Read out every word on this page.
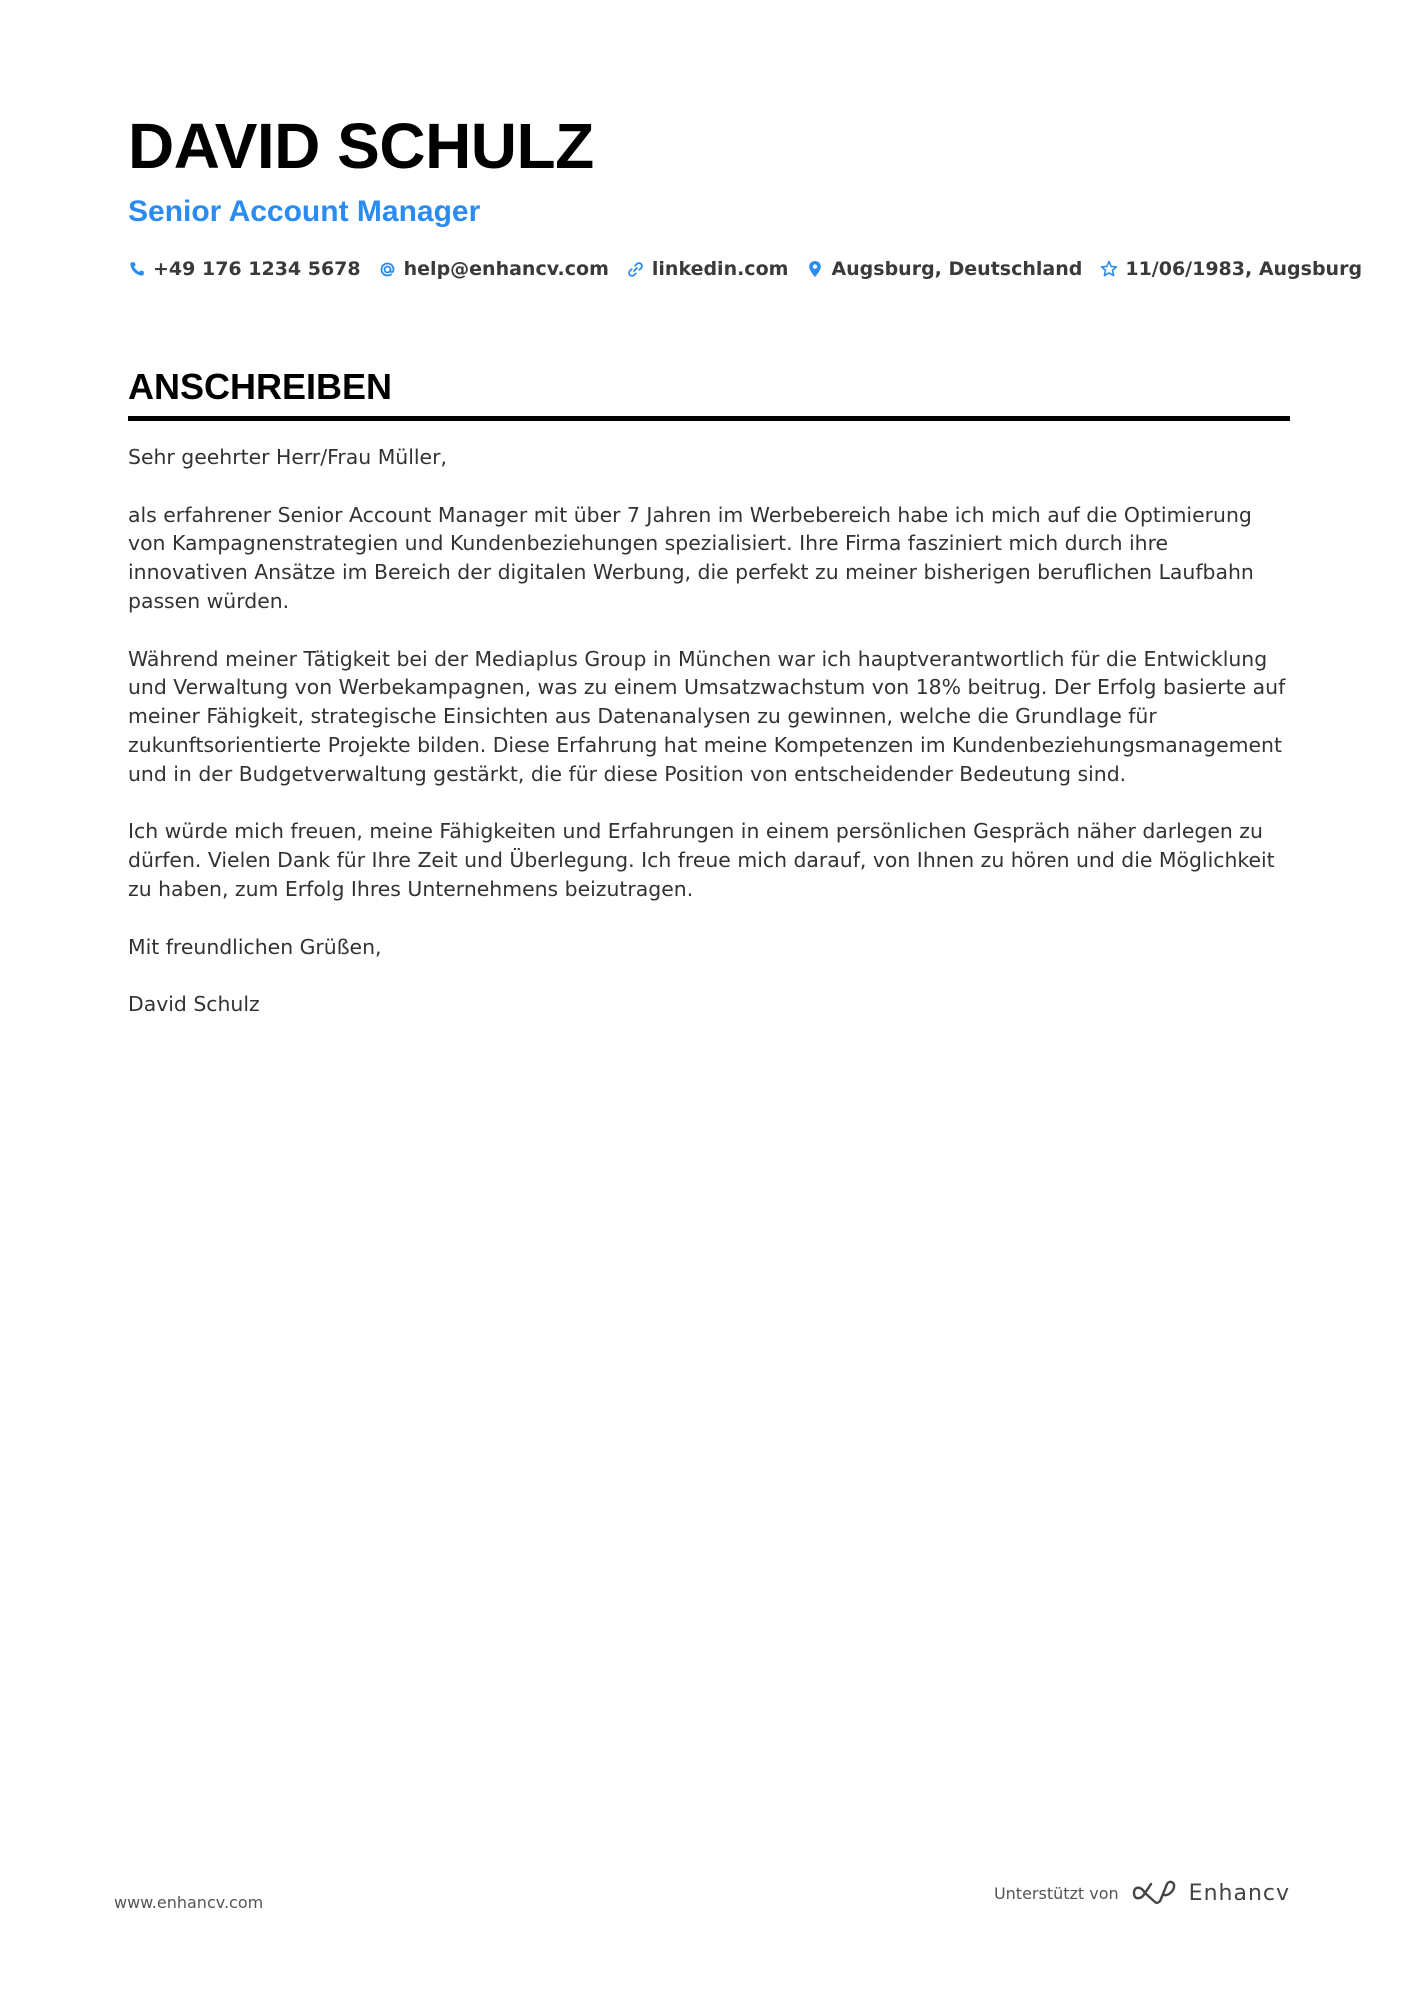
DAVID SCHULZ
Senior Account Manager
+49 176 1234 5678 help@enhancv.com linkedin.com Augsburg, Deutschland 11/06/1983, Augsburg
ANSCHREIBEN

Sehr geehrter Herr/Frau Müller,

als erfahrener Senior Account Manager mit über 7 Jahren im Werbebereich habe ich mich auf die Optimierung von Kampagnenstrategien und Kundenbeziehungen spezialisiert. Ihre Firma fasziniert mich durch ihre innovativen Ansätze im Bereich der digitalen Werbung, die perfekt zu meiner bisherigen beruflichen Laufbahn passen würden.

Während meiner Tätigkeit bei der Mediaplus Group in München war ich hauptverantwortlich für die Entwicklung und Verwaltung von Werbekampagnen, was zu einem Umsatzwachstum von 18% beitrug. Der Erfolg basierte auf meiner Fähigkeit, strategische Einsichten aus Datenanalysen zu gewinnen, welche die Grundlage für zukunftsorientierte Projekte bilden. Diese Erfahrung hat meine Kompetenzen im Kundenbeziehungsmanagement und in der Budgetverwaltung gestärkt, die für diese Position von entscheidender Bedeutung sind.

Ich würde mich freuen, meine Fähigkeiten und Erfahrungen in einem persönlichen Gespräch näher darlegen zu dürfen. Vielen Dank für Ihre Zeit und Überlegung. Ich freue mich darauf, von Ihnen zu hören und die Möglichkeit zu haben, zum Erfolg Ihres Unternehmens beizutragen.

Mit freundlichen Grüßen,

David Schulz

www.enhancv.com	Unterstützt von	Enhancv
